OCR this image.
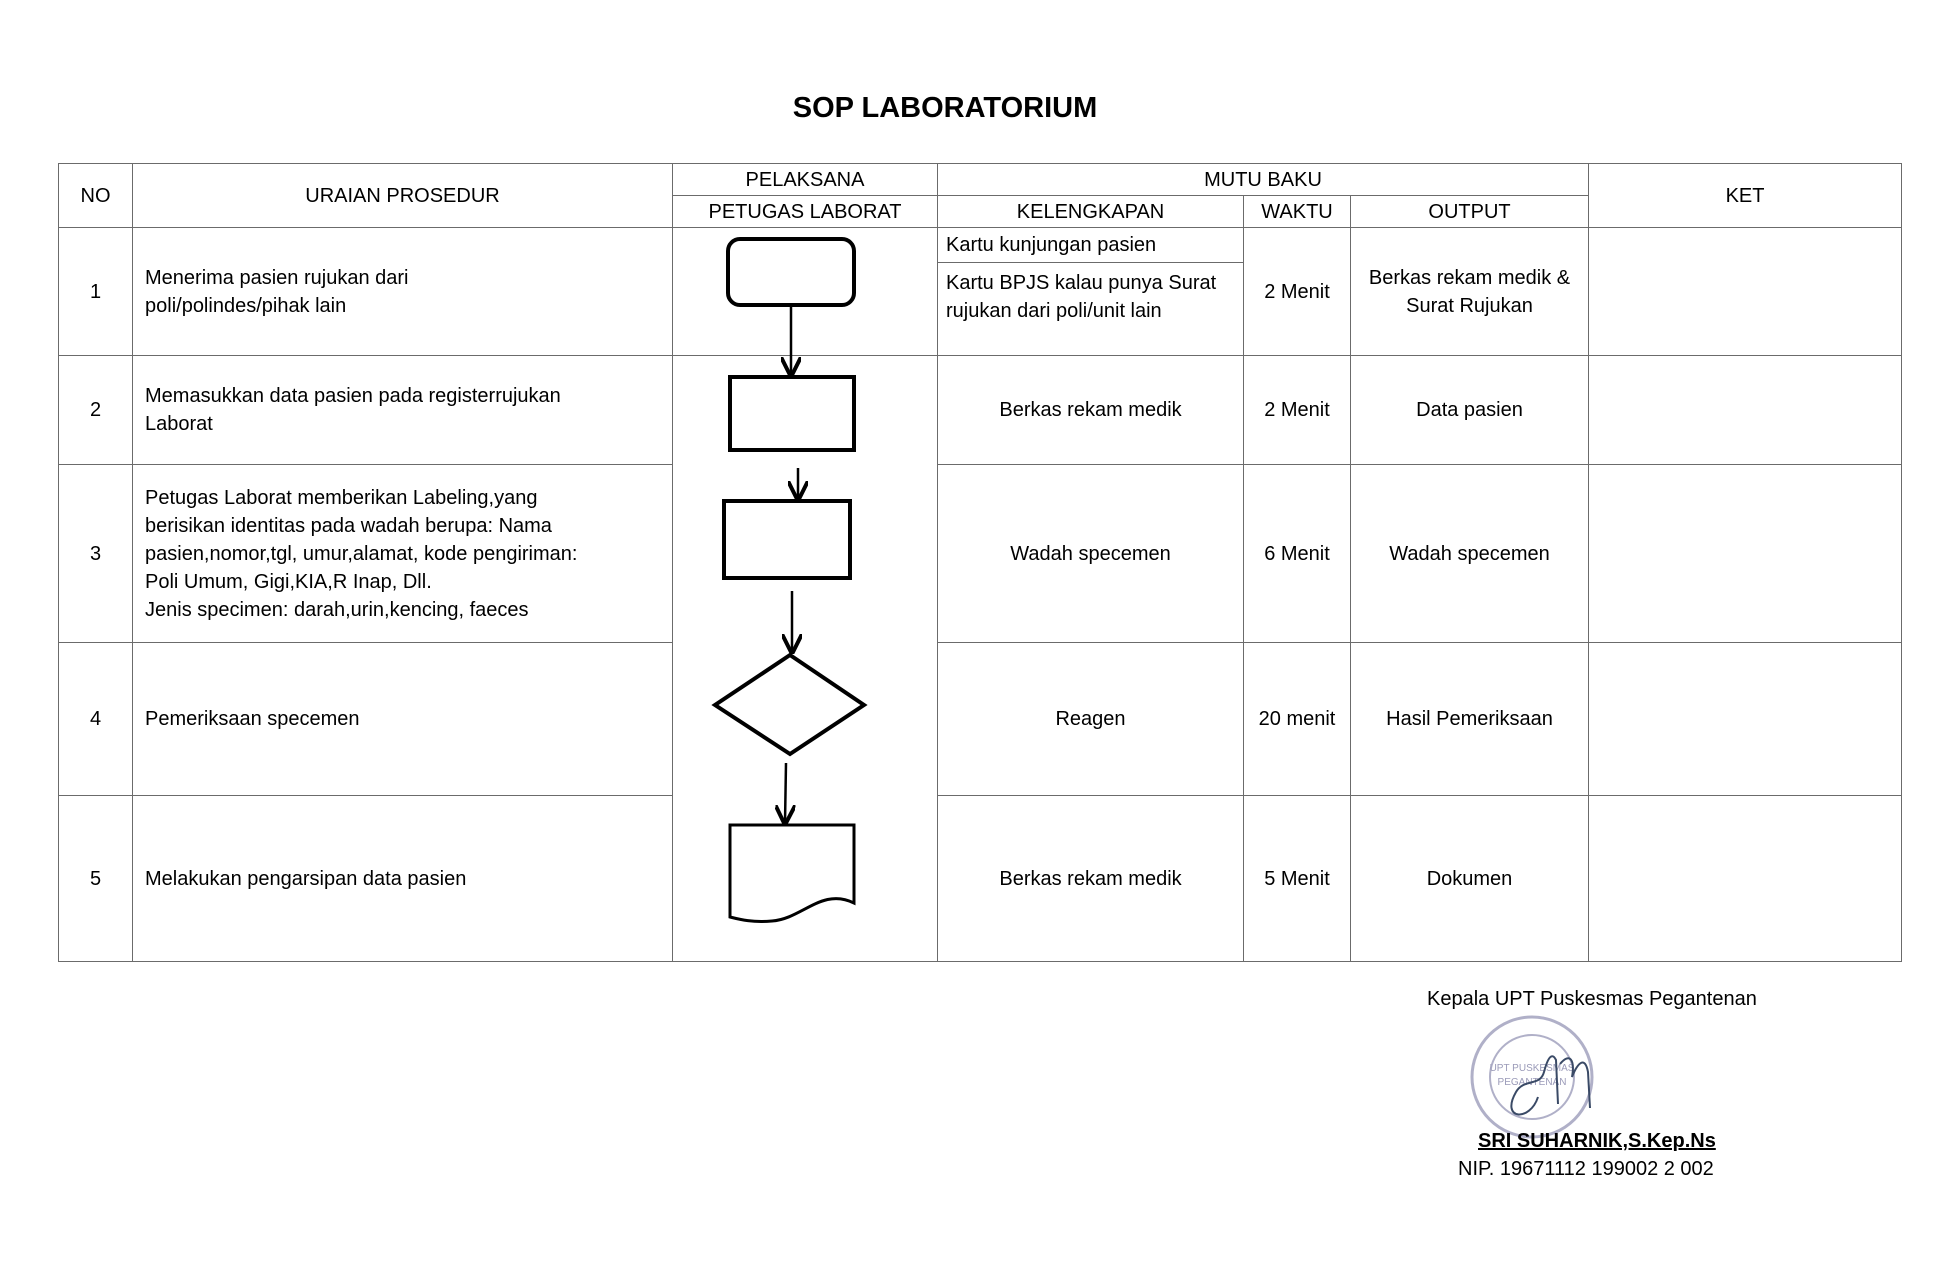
SOP LABORATORIUM
NO	URAIAN PROSEDUR	PELAKSANA	MUTU BAKU			KET
		PETUGAS LABORAT	KELENGKAPAN	WAKTU	OUTPUT	
1	Menerima pasien rujukan dari
poli/polindes/pihak lain		Kartu kunjungan pasien
Kartu BPJS kalau punya Surat
rujukan dari poli/unit lain	2 Menit	Berkas rekam medik &
Surat Rujukan	
2	Memasukkan data pasien pada registerrujukan
Laborat		Berkas rekam medik	2 Menit	Data pasien	
3	Petugas Laborat memberikan Labeling,yang
berisikan identitas pada wadah berupa: Nama
pasien,nomor,tgl, umur,alamat, kode pengiriman:
Poli Umum, Gigi,KIA,R Inap, Dll.
Jenis specimen: darah,urin,kencing, faeces		Wadah specemen	6 Menit	Wadah specemen	
4	Pemeriksaan specemen		Reagen	20 menit	Hasil Pemeriksaan	
5	Melakukan pengarsipan data pasien		Berkas rekam medik	5 Menit	Dokumen	
Kepala UPT Puskesmas Pegantenan
UPT PUSKESMAS
PEGANTENAN
SRI SUHARNIK,S.Kep.Ns
NIP. 19671112 199002 2 002
